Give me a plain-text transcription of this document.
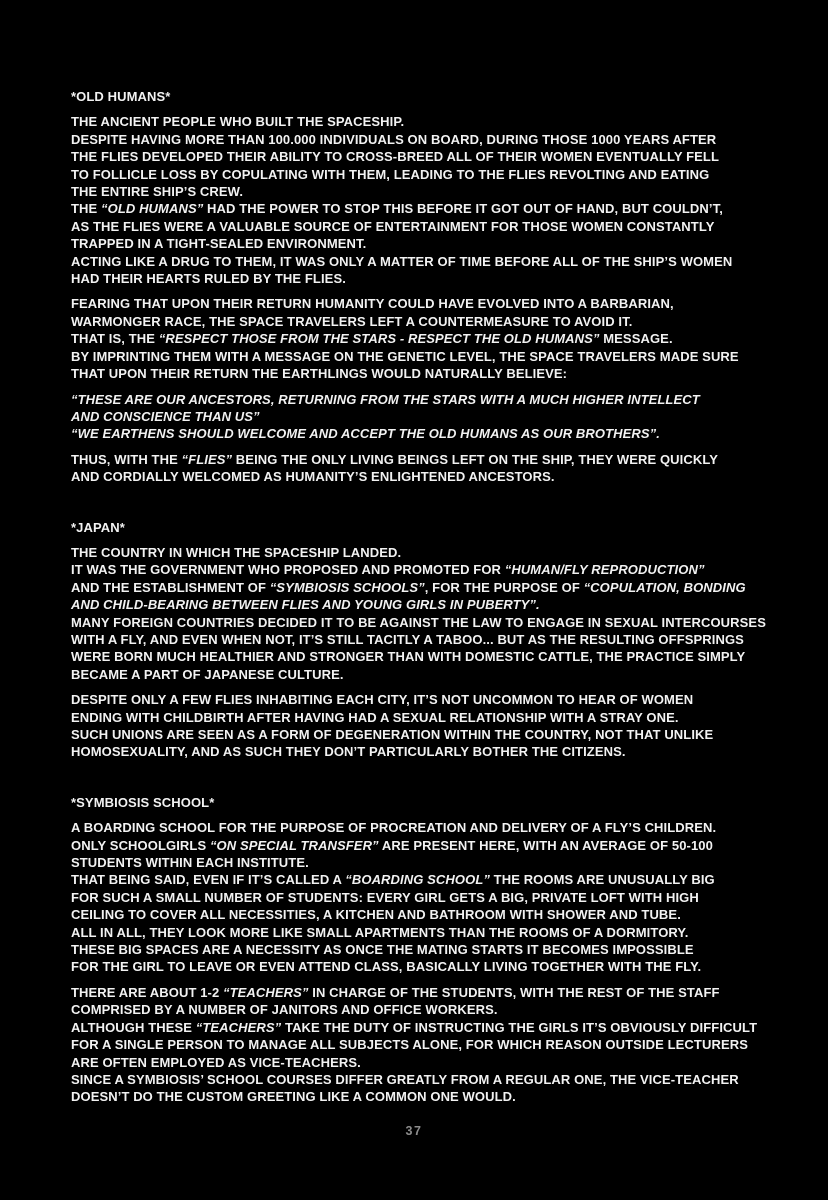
*OLD HUMANS*
THE ANCIENT PEOPLE WHO BUILT THE SPACESHIP.
DESPITE HAVING MORE THAN 100.000 INDIVIDUALS ON BOARD, DURING THOSE 1000 YEARS AFTER
THE FLIES DEVELOPED THEIR ABILITY TO CROSS-BREED ALL OF THEIR WOMEN EVENTUALLY FELL
TO FOLLICLE LOSS BY COPULATING WITH THEM, LEADING TO THE FLIES REVOLTING AND EATING
THE ENTIRE SHIP’S CREW.
THE “OLD HUMANS” HAD THE POWER TO STOP THIS BEFORE IT GOT OUT OF HAND, BUT COULDN’T,
AS THE FLIES WERE A VALUABLE SOURCE OF ENTERTAINMENT FOR THOSE WOMEN CONSTANTLY
TRAPPED IN A TIGHT-SEALED ENVIRONMENT.
ACTING LIKE A DRUG TO THEM, IT WAS ONLY A MATTER OF TIME BEFORE ALL OF THE SHIP’S WOMEN
HAD THEIR HEARTS RULED BY THE FLIES.
FEARING THAT UPON THEIR RETURN HUMANITY COULD HAVE EVOLVED INTO A BARBARIAN,
WARMONGER RACE, THE SPACE TRAVELERS LEFT A COUNTERMEASURE TO AVOID IT.
THAT IS, THE “RESPECT THOSE FROM THE STARS - RESPECT THE OLD HUMANS” MESSAGE.
BY IMPRINTING THEM WITH A MESSAGE ON THE GENETIC LEVEL, THE SPACE TRAVELERS MADE SURE
THAT UPON THEIR RETURN THE EARTHLINGS WOULD NATURALLY BELIEVE:
“THESE ARE OUR ANCESTORS, RETURNING FROM THE STARS WITH A MUCH HIGHER INTELLECT
AND CONSCIENCE THAN US”
“WE EARTHENS SHOULD WELCOME AND ACCEPT THE OLD HUMANS AS OUR BROTHERS”.
THUS, WITH THE “FLIES” BEING THE ONLY LIVING BEINGS LEFT ON THE SHIP, THEY WERE QUICKLY
AND CORDIALLY WELCOMED AS HUMANITY’S ENLIGHTENED ANCESTORS.
*JAPAN*
THE COUNTRY IN WHICH THE SPACESHIP LANDED.
IT WAS THE GOVERNMENT WHO PROPOSED AND PROMOTED FOR “HUMAN/FLY REPRODUCTION”
AND THE ESTABLISHMENT OF “SYMBIOSIS SCHOOLS”, FOR THE PURPOSE OF “COPULATION, BONDING
AND CHILD-BEARING BETWEEN FLIES AND YOUNG GIRLS IN PUBERTY”.
MANY FOREIGN COUNTRIES DECIDED IT TO BE AGAINST THE LAW TO ENGAGE IN SEXUAL INTERCOURSES
WITH A FLY, AND EVEN WHEN NOT, IT’S STILL TACITLY A TABOO... BUT AS THE RESULTING OFFSPRINGS
WERE BORN MUCH HEALTHIER AND STRONGER THAN WITH DOMESTIC CATTLE, THE PRACTICE SIMPLY
BECAME A PART OF JAPANESE CULTURE.
DESPITE ONLY A FEW FLIES INHABITING EACH CITY, IT’S NOT UNCOMMON TO HEAR OF WOMEN
ENDING WITH CHILDBIRTH AFTER HAVING HAD A SEXUAL RELATIONSHIP WITH A STRAY ONE.
SUCH UNIONS ARE SEEN AS A FORM OF DEGENERATION WITHIN THE COUNTRY, NOT THAT UNLIKE
HOMOSEXUALITY, AND AS SUCH THEY DON’T PARTICULARLY BOTHER THE CITIZENS.
*SYMBIOSIS SCHOOL*
A BOARDING SCHOOL FOR THE PURPOSE OF PROCREATION AND DELIVERY OF A FLY’S CHILDREN.
ONLY SCHOOLGIRLS “ON SPECIAL TRANSFER” ARE PRESENT HERE, WITH AN AVERAGE OF 50-100
STUDENTS WITHIN EACH INSTITUTE.
THAT BEING SAID, EVEN IF IT’S CALLED A “BOARDING SCHOOL” THE ROOMS ARE UNUSUALLY BIG
FOR SUCH A SMALL NUMBER OF STUDENTS: EVERY GIRL GETS A BIG, PRIVATE LOFT WITH HIGH
CEILING TO COVER ALL NECESSITIES, A KITCHEN AND BATHROOM WITH SHOWER AND TUBE.
ALL IN ALL, THEY LOOK MORE LIKE SMALL APARTMENTS THAN THE ROOMS OF A DORMITORY.
THESE BIG SPACES ARE A NECESSITY AS ONCE THE MATING STARTS IT BECOMES IMPOSSIBLE
FOR THE GIRL TO LEAVE OR EVEN ATTEND CLASS, BASICALLY LIVING TOGETHER WITH THE FLY.
THERE ARE ABOUT 1-2 “TEACHERS” IN CHARGE OF THE STUDENTS, WITH THE REST OF THE STAFF
COMPRISED BY A NUMBER OF JANITORS AND OFFICE WORKERS.
ALTHOUGH THESE “TEACHERS” TAKE THE DUTY OF INSTRUCTING THE GIRLS IT’S OBVIOUSLY DIFFICULT
FOR A SINGLE PERSON TO MANAGE ALL SUBJECTS ALONE, FOR WHICH REASON OUTSIDE LECTURERS
ARE OFTEN EMPLOYED AS VICE-TEACHERS.
SINCE A SYMBIOSIS’ SCHOOL COURSES DIFFER GREATLY FROM A REGULAR ONE, THE VICE-TEACHER
DOESN’T DO THE CUSTOM GREETING LIKE A COMMON ONE WOULD.
37
